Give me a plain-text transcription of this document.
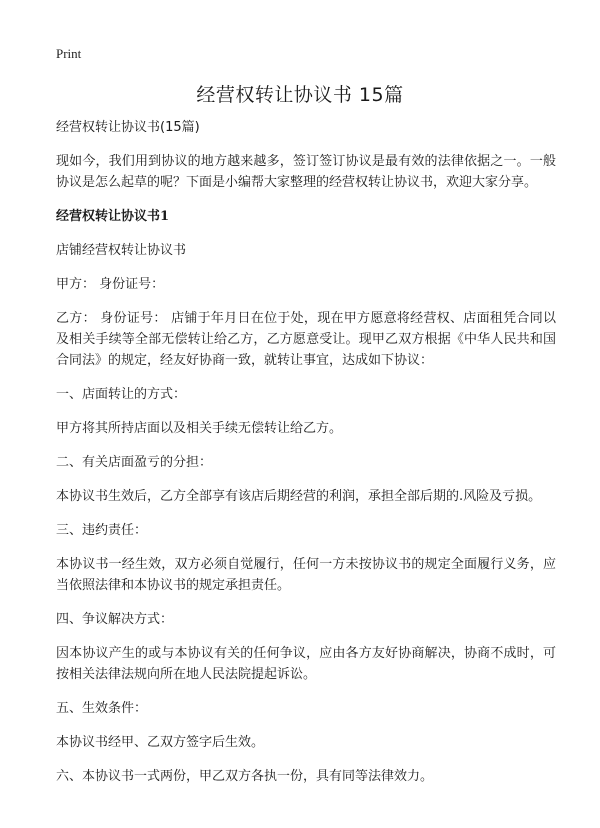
Print
经营权转让协议书 15篇

经营权转让协议书(15篇)

现如今，我们用到协议的地方越来越多，签订签订协议是最有效的法律依据之一。一般协议是怎么起草的呢？下面是小编帮大家整理的经营权转让协议书，欢迎大家分享。

经营权转让协议书1

店铺经营权转让协议书

甲方： 身份证号：

乙方： 身份证号： 店铺于年月日在位于处，现在甲方愿意将经营权、店面租凭合同以及相关手续等全部无偿转让给乙方，乙方愿意受让。现甲乙双方根据《中华人民共和国合同法》的规定，经友好协商一致，就转让事宜，达成如下协议：

一、店面转让的方式：

甲方将其所持店面以及相关手续无偿转让给乙方。

二、有关店面盈亏的分担：

本协议书生效后，乙方全部享有该店后期经营的利润，承担全部后期的.风险及亏损。

三、违约责任：

本协议书一经生效，双方必须自觉履行，任何一方未按协议书的规定全面履行义务，应当依照法律和本协议书的规定承担责任。

四、争议解决方式：

因本协议产生的或与本协议有关的任何争议，应由各方友好协商解决，协商不成时，可按相关法律法规向所在地人民法院提起诉讼。

五、生效条件：

本协议书经甲、乙双方签字后生效。

六、本协议书一式两份，甲乙双方各执一份，具有同等法律效力。
